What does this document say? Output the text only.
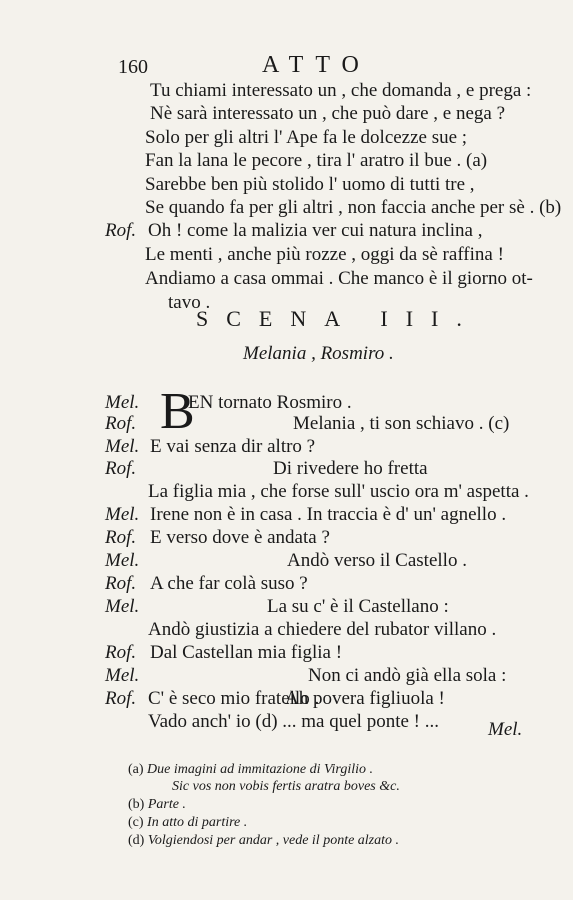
160	ATTO
Tu chiami interessato un , che domanda , e prega :
Nè sarà interessato un , che può dare , e nega ?
Solo per gli altri l' Ape fa le dolcezze sue ;
Fan la lana le pecore , tira l' aratro il bue . (a)
Sarebbe ben più stolido l' uomo di tutti tre ,
Se quando fa per gli altri , non faccia anche per sè . (b)
Rof. Oh ! come la malizia ver cui natura inclina ,
Le menti , anche più rozze , oggi da sè raffina !
Andiamo a casa ommai . Che manco è il giorno ot-
tavo .
SCENA III.
Melania , Rosmiro .
B
Mel.	EN tornato Rosmiro .
Rof.	Melania , ti son schiavo . (c)
Mel. E vai senza dir altro ?
Rof.	Di rivedere ho fretta
La figlia mia , che forse sull' uscio ora m' aspetta .
Mel. Irene non è in casa . In traccia è d' un' agnello .
Rof. E verso dove è andata ?
Mel.	Andò verso il Castello .
Rof. A che far colà suso ?
Mel.	La su c' è il Castellano :
Andò giustizia a chiedere del rubator villano .
Rof. Dal Castellan mia figlia !
Mel.	Non ci andò già ella sola :
C' è seco mio fratello .
Rof.	Ah povera figliuola !
Vado anch' io (d) ... ma quel ponte ! ...	Mel.
(a) Due imagini ad immitazione di Virgilio .
Sic vos non vobis fertis aratra boves &c.
(b) Parte .
(c) In atto di partire .
(d) Volgiendosi per andar , vede il ponte alzato .
